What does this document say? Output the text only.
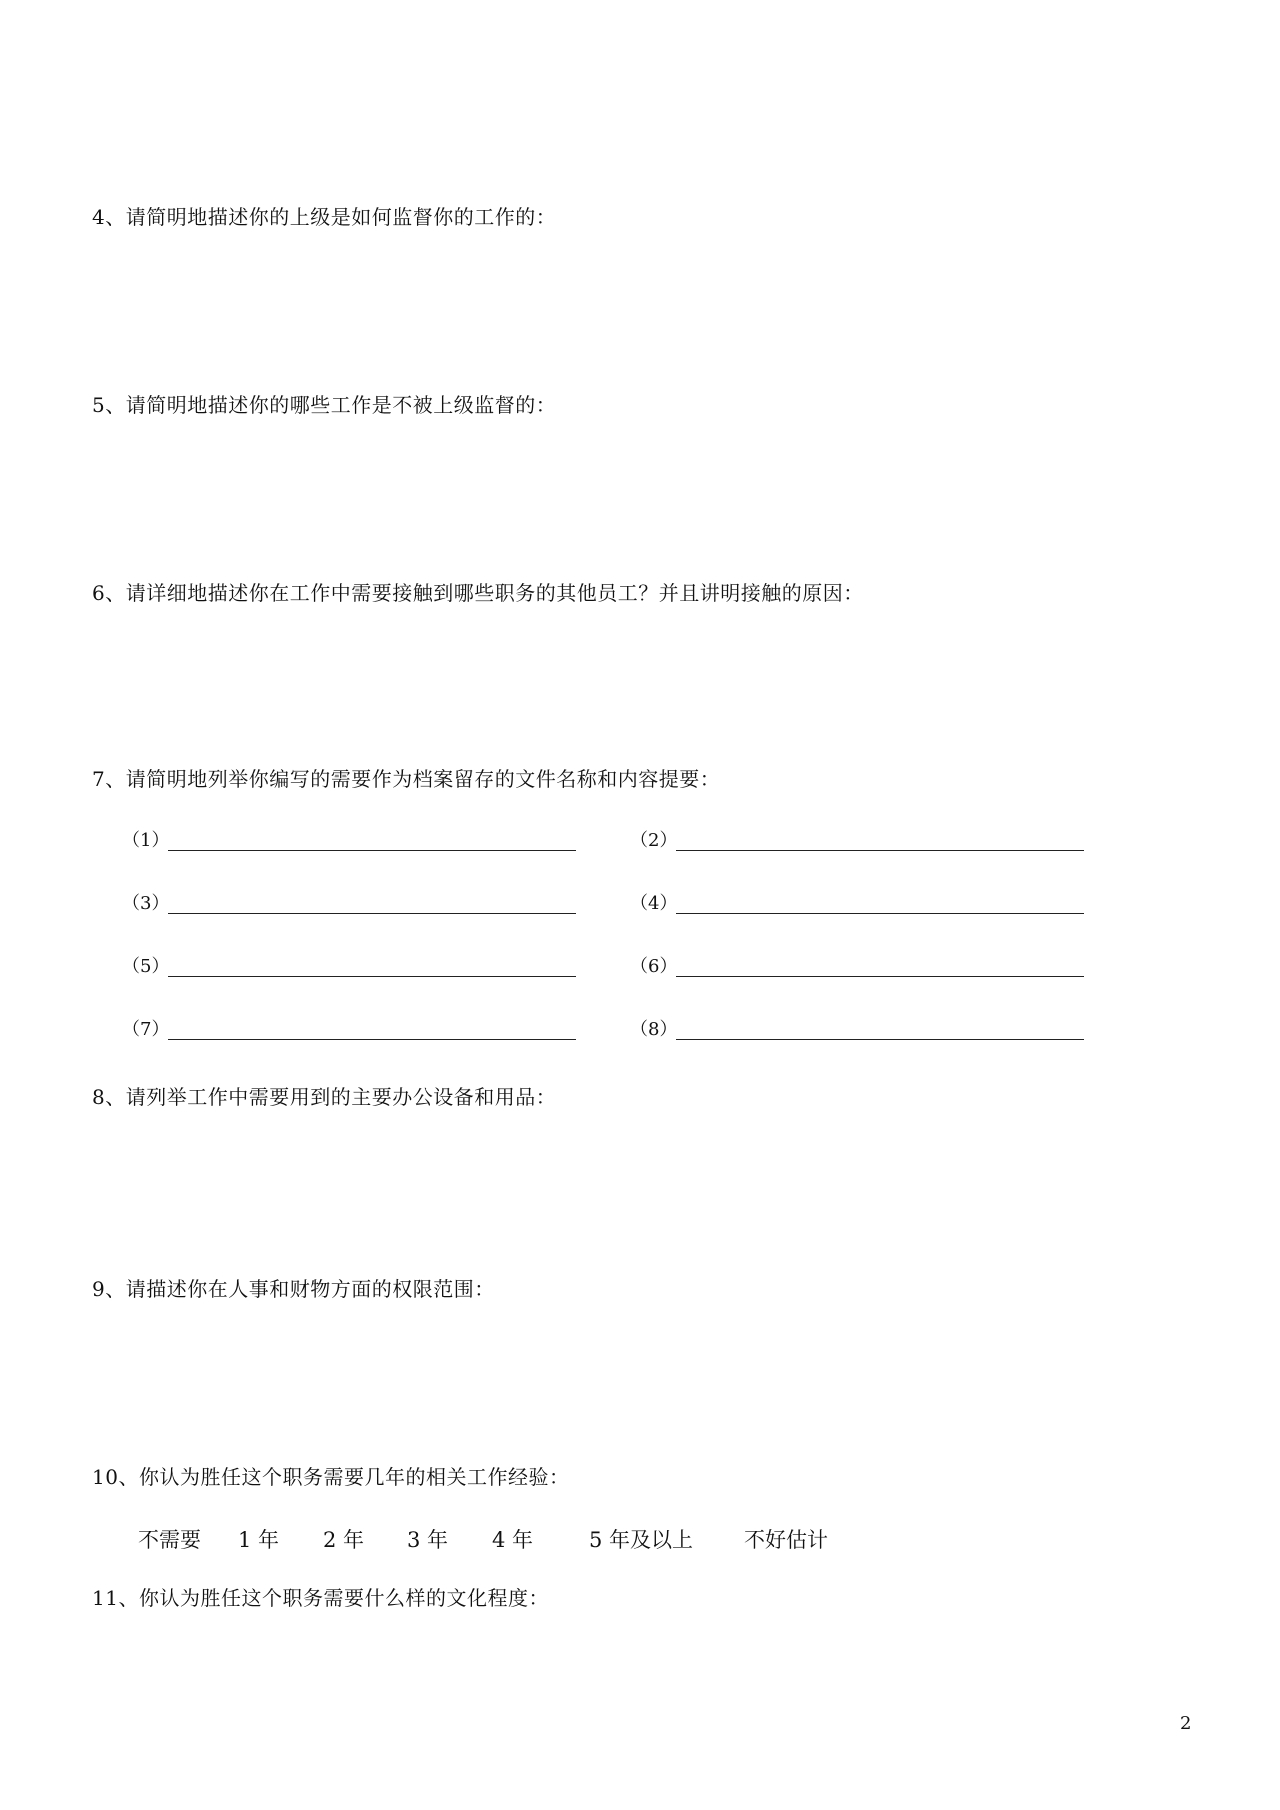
4、请简明地描述你的上级是如何监督你的工作的：
5、请简明地描述你的哪些工作是不被上级监督的：
6、请详细地描述你在工作中需要接触到哪些职务的其他员工？并且讲明接触的原因：
7、请简明地列举你编写的需要作为档案留存的文件名称和内容提要：
（1）	（2）
（3）	（4）
（5）	（6）
（7）	（8）
8、请列举工作中需要用到的主要办公设备和用品：
9、请描述你在人事和财物方面的权限范围：
10、你认为胜任这个职务需要几年的相关工作经验：
不需要 1 年 2 年 3 年 4 年	5 年及以上 不好估计
11、你认为胜任这个职务需要什么样的文化程度：
2
